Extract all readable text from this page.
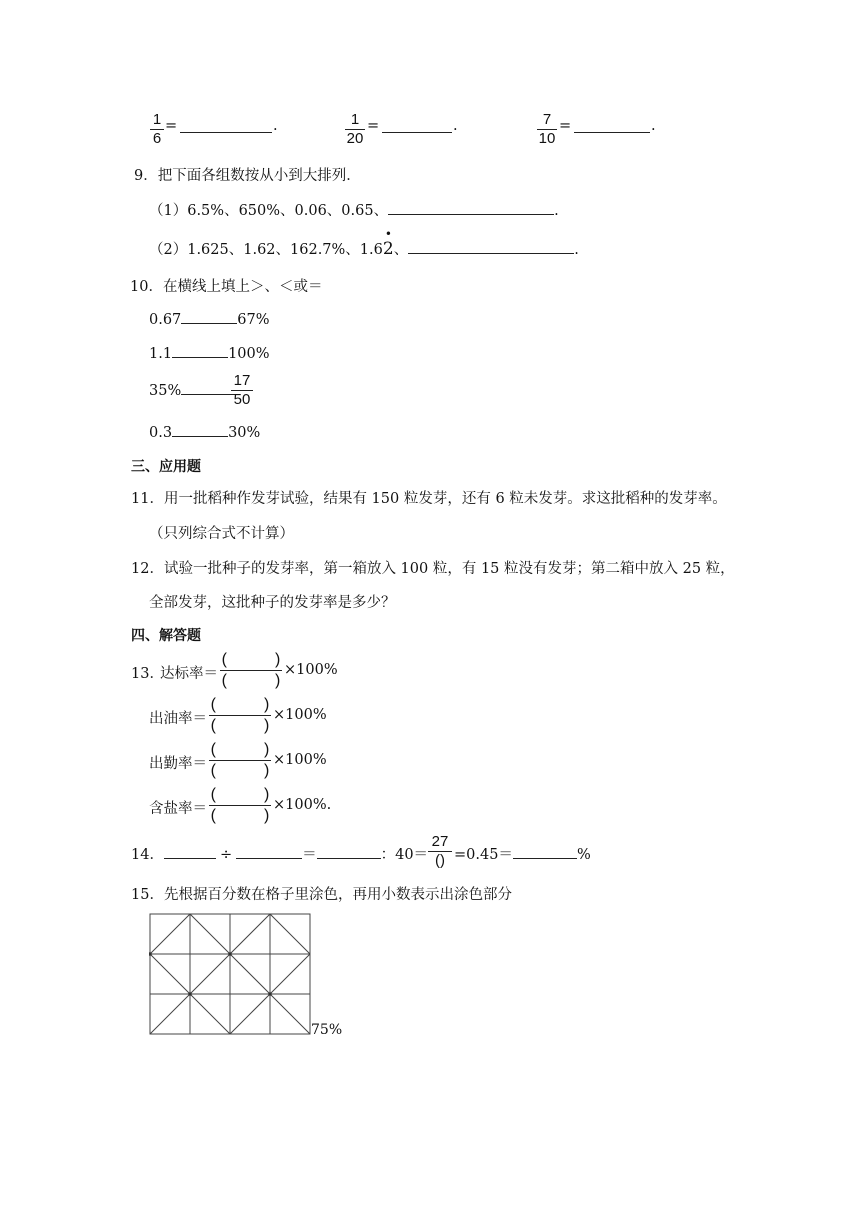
1
6
=	.	1
20
=	.	7
10
=	.
9．把下面各组数按从小到大排列．
（1）6.5%、650%、0.06、0.65、	.
（2）1.625、1.62、162.7%、1.6
•
2、	.
10．在横线上填上＞、＜或＝
0.67	67%
1.1	100%
35%
17
50
0.3	30%
三、应用题
11．用一批稻种作发芽试验，结果有 150 粒发芽，还有 6 粒未发芽。求这批稻种的发芽率。
（只列综合式不计算）
12．试验一批种子的发芽率，第一箱放入 100 粒，有 15 粒没有发芽；第二箱中放入 25 粒，
全部发芽，这批种子的发芽率是多少？
四、解答题
13．
达标率＝
(　　　)
(　　　)
×100%
出油率＝
(　　　)
(　　　)
×100%
出勤率＝
(　　　)
(　　　)
×100%
含盐率＝
(　　　)
(　　　)
×100%.
14．	÷	＝	：40＝
27
() =0.45＝	%
15．先根据百分数在格子里涂色，再用小数表示出涂色部分
75%
